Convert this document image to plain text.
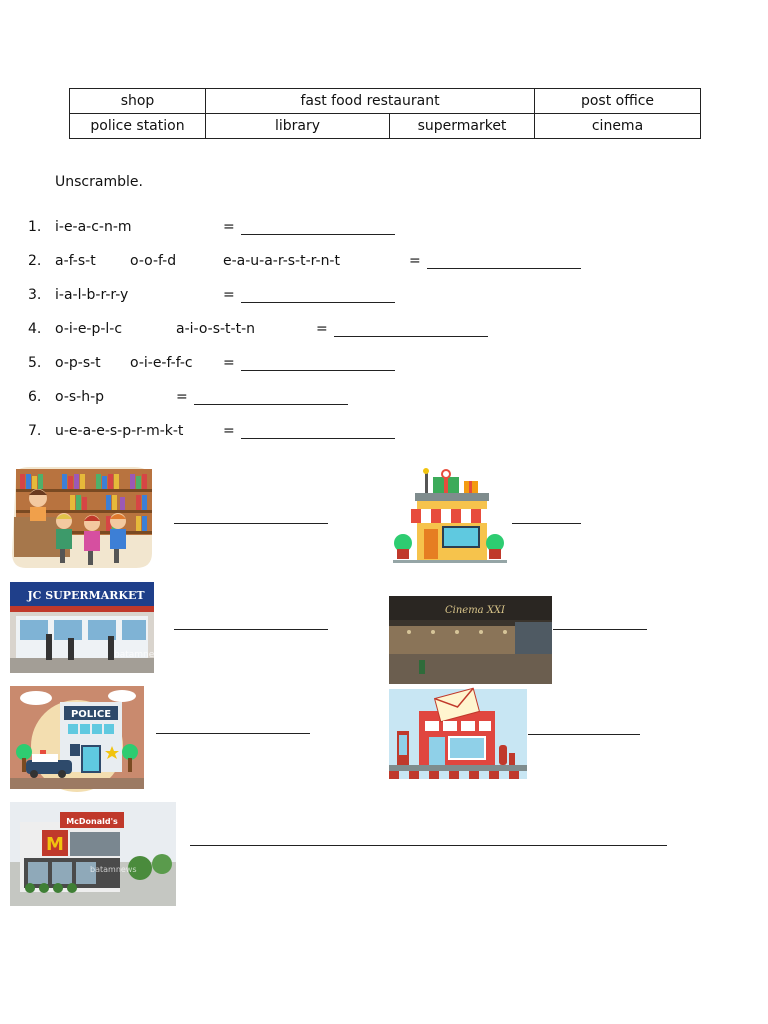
shop	fast food restaurant		post office
police station	library	supermarket	cinema
Unscramble.
1. i-e-a-c-n-m	=
2. a-f-s-t o-o-f-d	e-a-u-a-r-s-t-r-n-t	=
3. i-a-l-b-r-r-y	=
4. o-i-e-p-l-c	a-i-o-s-t-t-n	=
5. o-p-s-t o-i-e-f-f-c =
6. o-s-h-p	=
7. u-e-a-e-s-p-r-m-k-t	=
JC SUPERMARKET
batamnews
Cinema XXI
POLICE
McDonald's
M
batamnews
